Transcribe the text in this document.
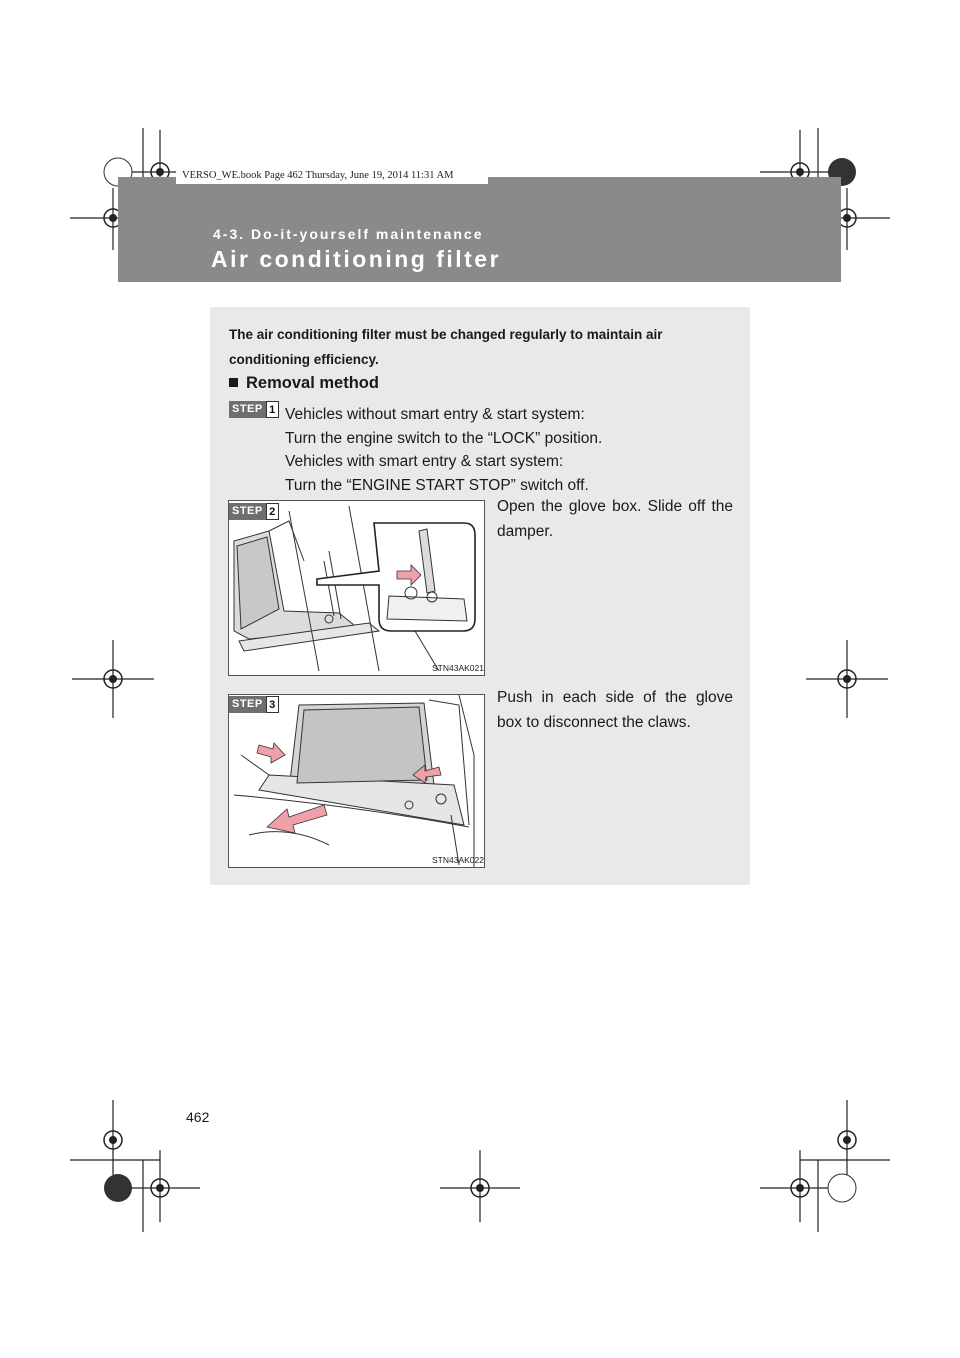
VERSO_WE.book Page 462 Thursday, June 19, 2014 11:31 AM
4-3. Do-it-yourself maintenance
Air conditioning filter
The air conditioning filter must be changed regularly to maintain air conditioning efficiency.
Removal method
STEP 1 Vehicles without smart entry & start system:
Turn the engine switch to the “LOCK” position.
Vehicles with smart entry & start system:
Turn the “ENGINE START STOP” switch off.
STN43AK021
STEP 2	Open the glove box. Slide off the damper.
STN43AK022
STEP 3	Push in each side of the glove box to disconnect the claws.
462
